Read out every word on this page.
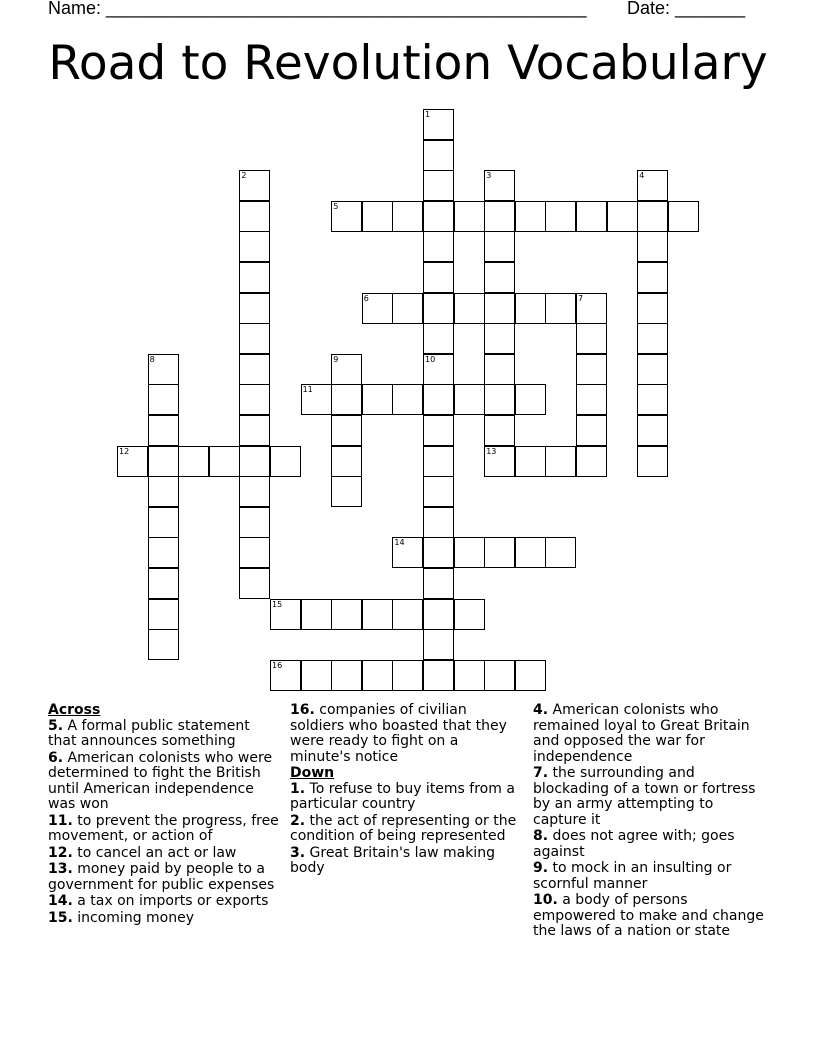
Name: ________________________________________________ Date: _______
Road to Revolution Vocabulary
1
10
2	3
13
4
5
6	7
8	9
11
12
14
15
16
Across
5. A formal public statement that announces something
6. American colonists who were determined to fight the British until American independence was won
11. to prevent the progress, free movement, or action of
12. to cancel an act or law
13. money paid by people to a government for public expenses
14. a tax on imports or exports
15. incoming money
16. companies of civilian soldiers who boasted that they were ready to fight on a minute's notice
Down
1. To refuse to buy items from a particular country
2. the act of representing or the condition of being represented
3. Great Britain's law making body
4. American colonists who remained loyal to Great Britain and opposed the war for independence
7. the surrounding and blockading of a town or fortress by an army attempting to capture it
8. does not agree with; goes against
9. to mock in an insulting or scornful manner
10. a body of persons empowered to make and change the laws of a nation or state
